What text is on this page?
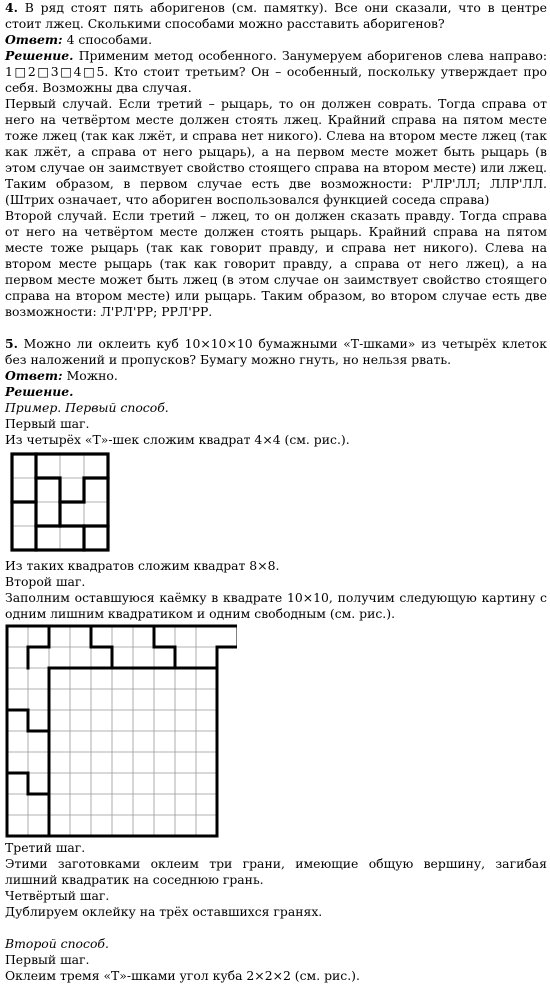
4. В ряд стоят пять аборигенов (см. памятку). Все они сказали, что в центре стоит лжец. Сколькими способами можно расставить аборигенов?

Ответ: 4 способами.

Решение. Применим метод особенного. Занумеруем аборигенов слева направо: 1□2□3□4□5. Кто стоит третьим? Он – особенный, поскольку утверждает про себя. Возможны два случая.

Первый случай. Если третий – рыцарь, то он должен соврать. Тогда справа от него на четвёртом месте должен стоять лжец. Крайний справа на пятом месте тоже лжец (так как лжёт, и справа нет никого). Слева на втором месте лжец (так как лжёт, а справа от него рыцарь), а на первом месте может быть рыцарь (в этом случае он заимствует свойство стоящего справа на втором месте) или лжец. Таким образом, в первом случае есть две возможности: Р'ЛР'ЛЛ; ЛЛР'ЛЛ. (Штрих означает, что абориген воспользовался функцией соседа справа)

Второй случай. Если третий – лжец, то он должен сказать правду. Тогда справа от него на четвёртом месте должен стоять рыцарь. Крайний справа на пятом месте тоже рыцарь (так как говорит правду, и справа нет никого). Слева на втором месте рыцарь (так как говорит правду, а справа от него лжец), а на первом месте может быть лжец (в этом случае он заимствует свойство стоящего справа на втором месте) или рыцарь. Таким образом, во втором случае есть две возможности: Л'РЛ'РР; РРЛ'РР.

5. Можно ли оклеить куб 10×10×10 бумажными «Т-шками» из четырёх клеток без наложений и пропусков? Бумагу можно гнуть, но нельзя рвать.

Ответ: Можно.

Решение.

Пример. Первый способ.

Первый шаг.

Из четырёх «Т»-шек сложим квадрат 4×4 (см. рис.).

Из таких квадратов сложим квадрат 8×8.

Второй шаг.

Заполним оставшуюся каёмку в квадрате 10×10, получим следующую картину с одним лишним квадратиком и одним свободным (см. рис.).

Третий шаг.

Этими заготовками оклеим три грани, имеющие общую вершину, загибая лишний квадратик на соседнюю грань.

Четвёртый шаг.

Дублируем оклейку на трёх оставшихся гранях.

Второй способ.

Первый шаг.

Оклеим тремя «Т»-шками угол куба 2×2×2 (см. рис.).
